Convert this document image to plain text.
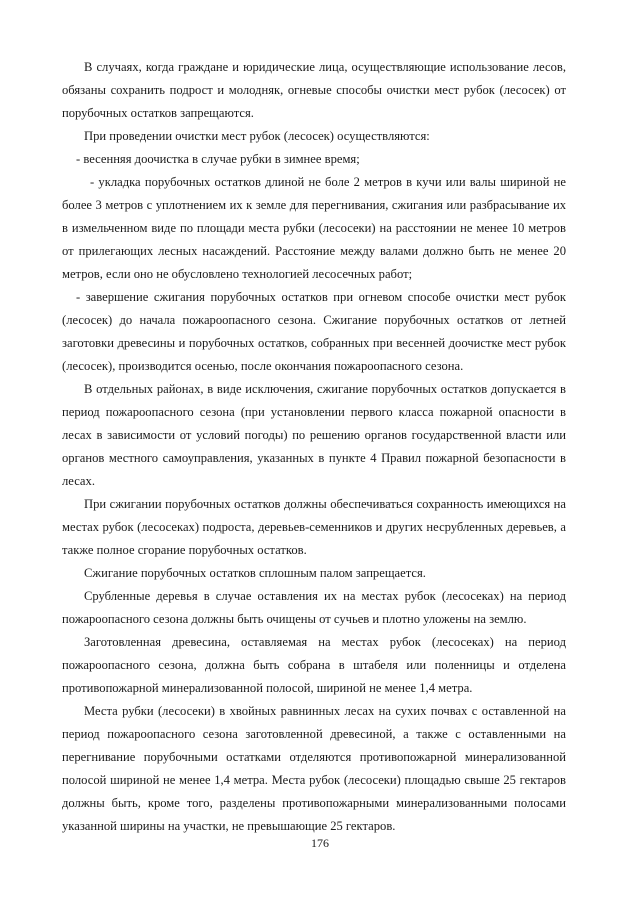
В случаях, когда граждане и юридические лица, осуществляющие использование лесов, обязаны сохранить подрост и молодняк, огневые способы очистки мест рубок (лесосек) от порубочных остатков запрещаются.

При проведении очистки мест рубок (лесосек) осуществляются:

- весенняя доочистка в случае рубки в зимнее время;

- укладка порубочных остатков длиной не боле 2 метров в кучи или валы шириной не более 3 метров с уплотнением их к земле для перегнивания, сжигания или разбрасывание их в измельченном виде по площади места рубки (лесосеки) на расстоянии не менее 10 метров от прилегающих лесных насаждений. Расстояние между валами должно быть не менее 20 метров, если оно не обусловлено технологией лесосечных работ;

- завершение сжигания порубочных остатков при огневом способе очистки мест рубок (лесосек) до начала пожароопасного сезона. Сжигание порубочных остатков от летней заготовки древесины и порубочных остатков, собранных при весенней доочистке мест рубок (лесосек), производится осенью, после окончания пожароопасного сезона.

В отдельных районах, в виде исключения, сжигание порубочных остатков допускается в период пожароопасного сезона (при установлении первого класса пожарной опасности в лесах в зависимости от условий погоды) по решению органов государственной власти или органов местного самоуправления, указанных в пункте 4 Правил пожарной безопасности в лесах.

При сжигании порубочных остатков должны обеспечиваться сохранность имеющихся на местах рубок (лесосеках) подроста, деревьев-семенников и других несрубленных деревьев, а также полное сгорание порубочных остатков.

Сжигание порубочных остатков сплошным палом запрещается.

Срубленные деревья в случае оставления их на местах рубок (лесосеках) на период пожароопасного сезона должны быть очищены от сучьев и плотно уложены на землю.

Заготовленная древесина, оставляемая на местах рубок (лесосеках) на период пожароопасного сезона, должна быть собрана в штабеля или поленницы и отделена противопожарной минерализованной полосой, шириной не менее 1,4 метра.

Места рубки (лесосеки) в хвойных равнинных лесах на сухих почвах с оставленной на период пожароопасного сезона заготовленной древесиной, а также с оставленными на перегнивание порубочными остатками отделяются противопожарной минерализованной полосой шириной не менее 1,4 метра. Места рубок (лесосеки) площадью свыше 25 гектаров должны быть, кроме того, разделены противопожарными минерализованными полосами указанной ширины на участки, не превышающие 25 гектаров.

176
